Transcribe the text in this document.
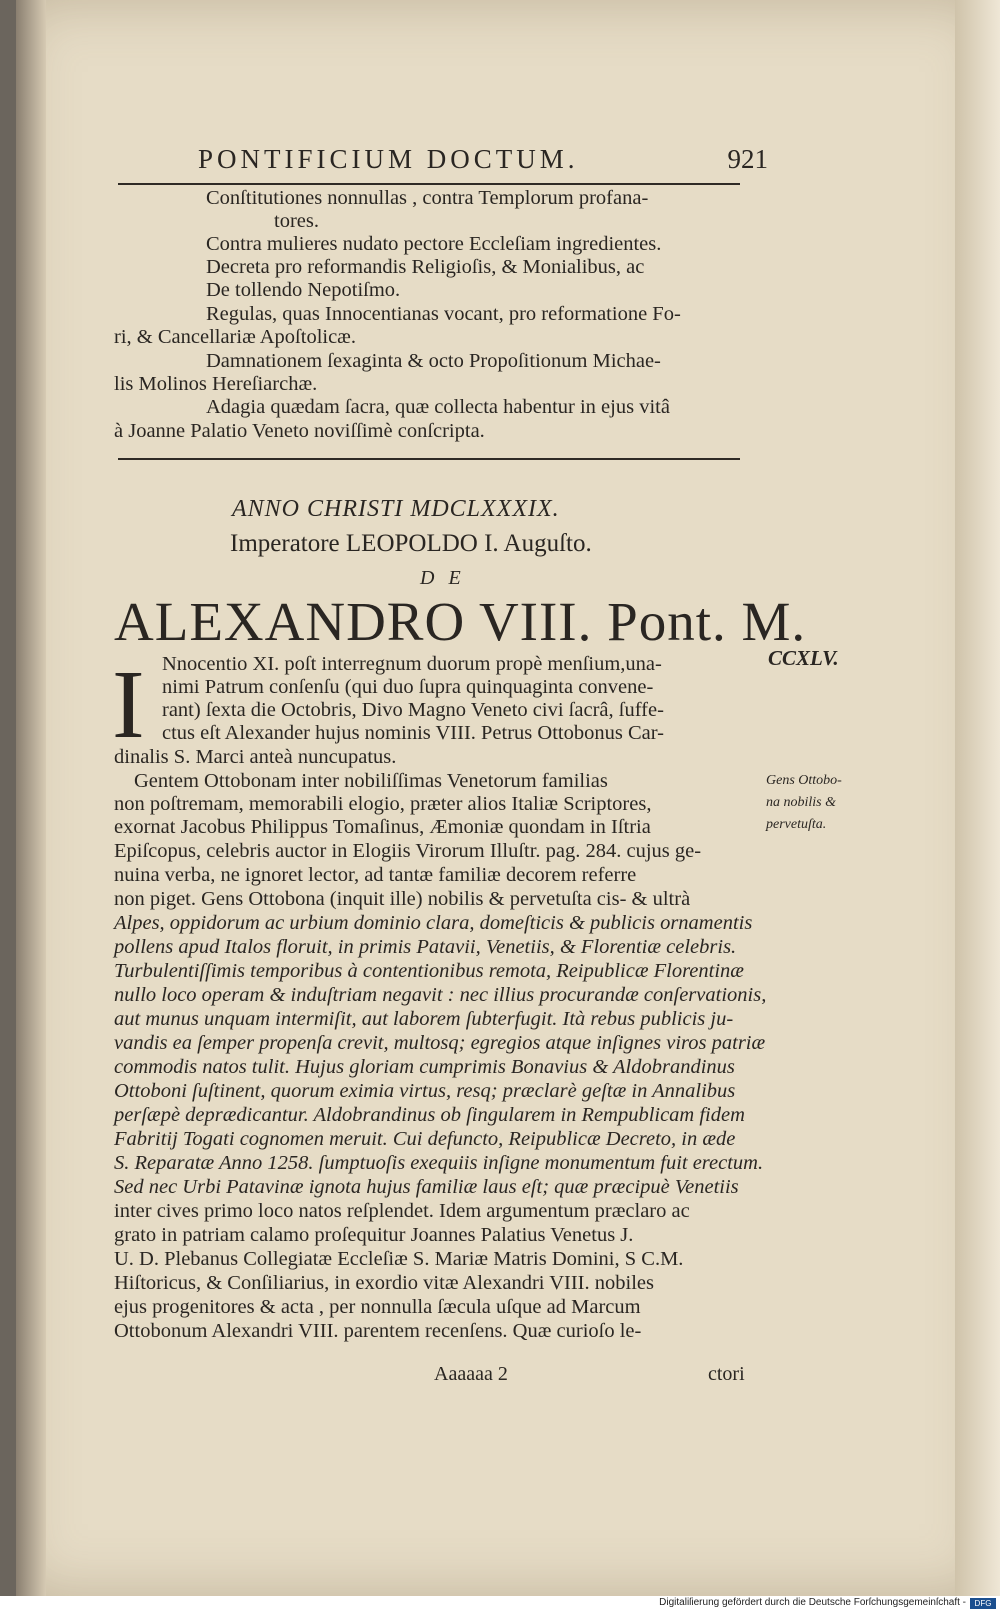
PONTIFICIUM DOCTUM.	921
Conſtitutiones nonnullas , contra Templorum profana-
tores.
Contra mulieres nudato pectore Eccleſiam ingredientes.
Decreta pro reformandis Religioſis, & Monialibus, ac
De tollendo Nepotiſmo.
Regulas, quas Innocentianas vocant, pro reformatione Fo-
ri, & Cancellariæ Apoſtolicæ.
Damnationem ſexaginta & octo Propoſitionum Michae-
lis Molinos Hereſiarchæ.
Adagia quædam ſacra, quæ collecta habentur in ejus vitâ
à Joanne Palatio Veneto noviſſimè conſcripta.
ANNO CHRISTI MDCLXXXIX.
Imperatore LEOPOLDO I. Auguſto.
DE
ALEXANDRO VIII. Pont. M.
CCXLV.
I Nnocentio XI. poſt interregnum duorum propè menſium,una-
nimi Patrum conſenſu (qui duo ſupra quinquaginta convene-
rant) ſexta die Octobris, Divo Magno Veneto civi ſacrâ, ſuffe-
ctus eſt Alexander hujus nominis VIII. Petrus Ottobonus Car-
dinalis S. Marci anteà nuncupatus.
Gentem Ottobonam inter nobiliſſimas Venetorum familias
non poſtremam, memorabili elogio, præter alios Italiæ Scriptores,
exornat Jacobus Philippus Tomaſinus, Æmoniæ quondam in Iſtria
Epiſcopus, celebris auctor in Elogiis Virorum Illuſtr. pag. 284. cujus ge-
nuina verba, ne ignoret lector, ad tantæ familiæ decorem referre
non piget. Gens Ottobona (inquit ille) nobilis & pervetuſta cis- & ultrà
Alpes, oppidorum ac urbium dominio clara, domeſticis & publicis ornamentis
pollens apud Italos floruit, in primis Patavii, Venetiis, & Florentiæ celebris.
Turbulentiſſimis temporibus à contentionibus remota, Reipublicæ Florentinæ
nullo loco operam & induſtriam negavit : nec illius procurandæ conſervationis,
aut munus unquam intermiſit, aut laborem ſubterfugit. Ità rebus publicis ju-
vandis ea ſemper propenſa crevit, multosq; egregios atque inſignes viros patriæ
commodis natos tulit. Hujus gloriam cumprimis Bonavius & Aldobrandinus
Ottoboni ſuſtinent, quorum eximia virtus, resq; præclarè geſtæ in Annalibus
perſæpè deprædicantur. Aldobrandinus ob ſingularem in Rempublicam fidem
Fabritij Togati cognomen meruit. Cui defuncto, Reipublicæ Decreto, in æde
S. Reparatæ Anno 1258. ſumptuoſis exequiis inſigne monumentum fuit erectum.
Sed nec Urbi Patavinæ ignota hujus familiæ laus eſt; quæ præcipuè Venetiis
inter cives primo loco natos reſplendet. Idem argumentum præclaro ac
grato in patriam calamo proſequitur Joannes Palatius Venetus J.
U. D. Plebanus Collegiatæ Eccleſiæ S. Mariæ Matris Domini, S C.M.
Hiſtoricus, & Conſiliarius, in exordio vitæ Alexandri VIII. nobiles
ejus progenitores & acta , per nonnulla ſæcula uſque ad Marcum
Ottobonum Alexandri VIII. parentem recenſens. Quæ curioſo le-
Gens Ottobo-
na nobilis &
pervetuſta.
Aaaaaa 2	ctori
Digitaliſierung gefördert durch die Deutsche Forſchungsgemeinſchaft -	DFG
